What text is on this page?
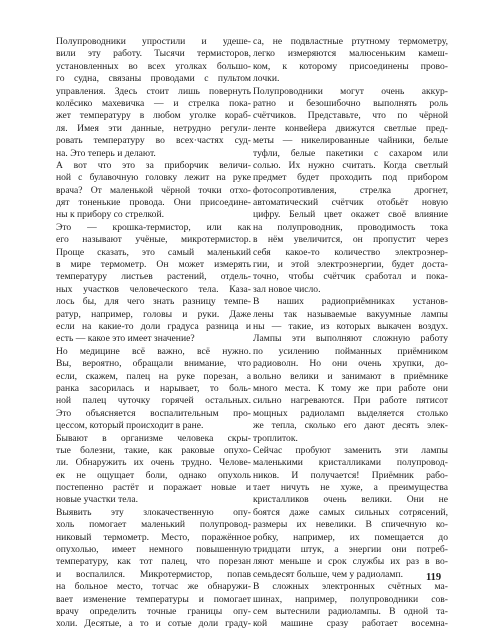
Полупроводники упростили и удеше-
вили эту работу. Тысячи термисторов,
установленных во всех уголках большо-
го судна, связаны проводами с пультом
управления. Здесь стоит лишь повернуть
колёсико махевичка — и стрелка пока-
жет температуру в любом уголке кораб-
ля. Имея эти данные, нетрудно регули-
ровать температуру во всех·частях суд-
на. Это теперь и делают.
А вот что это за приборчик величи-
ной с булавочную головку лежит на руке
врача? От маленькой чёрной точки отхо-
дят тоненькие провода. Они присоедине-
ны к прибору со стрелкой.
Это — крошка-термистор, или как
его называют учёные, микротермистор.
Проще сказать, это самый маленький
в мире термометр. Он может измерять
температуру листьев растений, отдель-
ных участков человеческого тела. Каза-
лось бы, для чего знать разницу темпе-
ратур, например, головы и руки. Даже
если на какие-то доли градуса разница и
есть — какое это имеет значение?
Но медицине всё важно, всё нужно.
Вы, вероятно, обращали внимание, что
если, скажем, палец на руке порезан, а
ранка засорилась и нарывает, то боль-
ной палец чуточку горячей остальных.
Это объясняется воспалительным про-
цессом, который происходит в ране.
Бывают в организме человека скры-
тые болезни, такие, как раковые опухо-
ли. Обнаружить их очень трудно. Челове-
ек не ощущает боли, однако опухоль
постепенно растёт и поражает новые и
новые участки тела.
Выявить эту злокачественную опу-
холь помогает маленький полупровод-
никовый термометр. Место, поражённое
опухолью, имеет немного повышенную
температуру, как тот палец, что порезан
и воспалился. Микротермистор, попав
на больное место, тотчас же обнаружи-
вает изменение температуры и помогает
врачу определить точные границы опу-
холи. Десятые, а то и сотые доли граду-
са, не подвластные ртутному термометру,
легко измеряются малюсеньким камеш-
ком, к которому присоединены прово-
лочки.
Полупроводники могут очень аккур-
ратно и безошибочно выполнять роль
счётчиков. Представьте, что по чёрной
ленте конвейера движутся светлые пред-
меты — никелированные чайники, белые
туфли, белые пакетики с сахаром или
солью. Их нужно считать. Когда светлый
предмет будет проходить под прибором
фотосопротивления, стрелка дрогнет,
автоматический счётчик отобьёт новую
цифру. Белый цвет окажет своё влияние
на полупроводник, проводимость тока
в нём увеличится, он пропустит через
себя какое-то количество электроэнер-
гии, и этой электроэнергии, будет доста-
точно, чтобы счётчик сработал и пока-
зал новое число.
В наших радиоприёмниках установ-
лены так называемые вакуумные лампы
ны — такие, из которых выкачен воздух.
Лампы эти выполняют сложную работу
по усилению пойманных приёмником
радиоволн. Но они очень хрупки, до-
вольно велики и занимают в приёмнике
много места. К тому же при работе они
сильно нагреваются. При работе пятисот
мощных радиоламп выделяется столько
же тепла, сколько его дают десять элек-
троплиток.
Сейчас пробуют заменить эти лампы
маленькими кристалликами полупровод-
ников. И получается! Приёмник рабо-
тает ничуть не хуже, а преимущества
кристалликов очень велики. Они не
боятся даже самых сильных сотрясений,
размеры их невелики. В спичечную ко-
робку, например, их помещается до
тридцати штук, а энергии они потреб-
ляют меньше и срок службы их раз в во-
семьдесят больше, чем у радиоламп.
В сложных электронных счётных ма-
шинах, например, полупроводники сов-
сем вытеснили радиолампы. В одной та-
кой машине сразу работает восемна-
119
